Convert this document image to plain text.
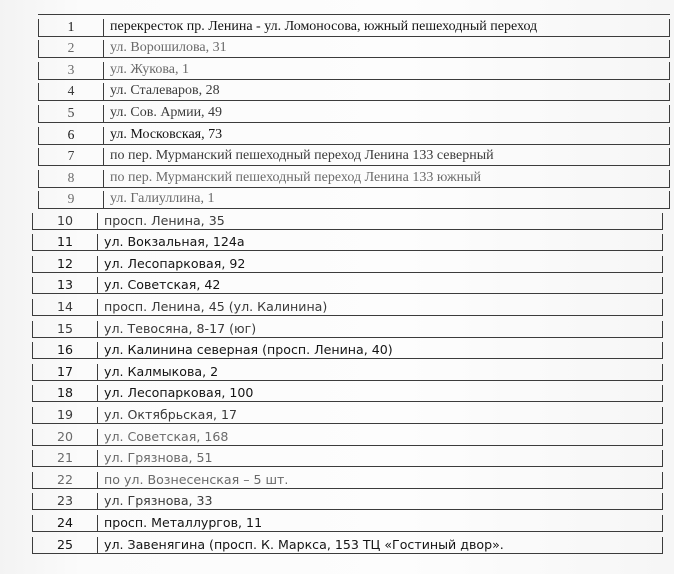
1	перекресток пр. Ленина - ул. Ломоносова, южный пешеходный переход
2	ул. Ворошилова, 31
3	ул. Жукова, 1
4	ул. Сталеваров, 28
5	ул. Сов. Армии, 49
6	ул. Московская, 73
7	по пер. Мурманский пешеходный переход Ленина 133 северный
8	по пер. Мурманский пешеходный переход Ленина 133 южный
9	ул. Галиуллина, 1
10	просп. Ленина, 35
11	ул. Вокзальная, 124а
12	ул. Лесопарковая, 92
13	ул. Советская, 42
14	просп. Ленина, 45 (ул. Калинина)
15	ул. Тевосяна, 8-17 (юг)
16	ул. Калинина северная (просп. Ленина, 40)
17	ул. Калмыкова, 2
18	ул. Лесопарковая, 100
19	ул. Октябрьская, 17
20	ул. Советская, 168
21	ул. Грязнова, 51
22	по ул. Вознесенская – 5 шт.
23	ул. Грязнова, 33
24	просп. Металлургов, 11
25	ул. Завенягина (просп. К. Маркса, 153 ТЦ «Гостиный двор».
